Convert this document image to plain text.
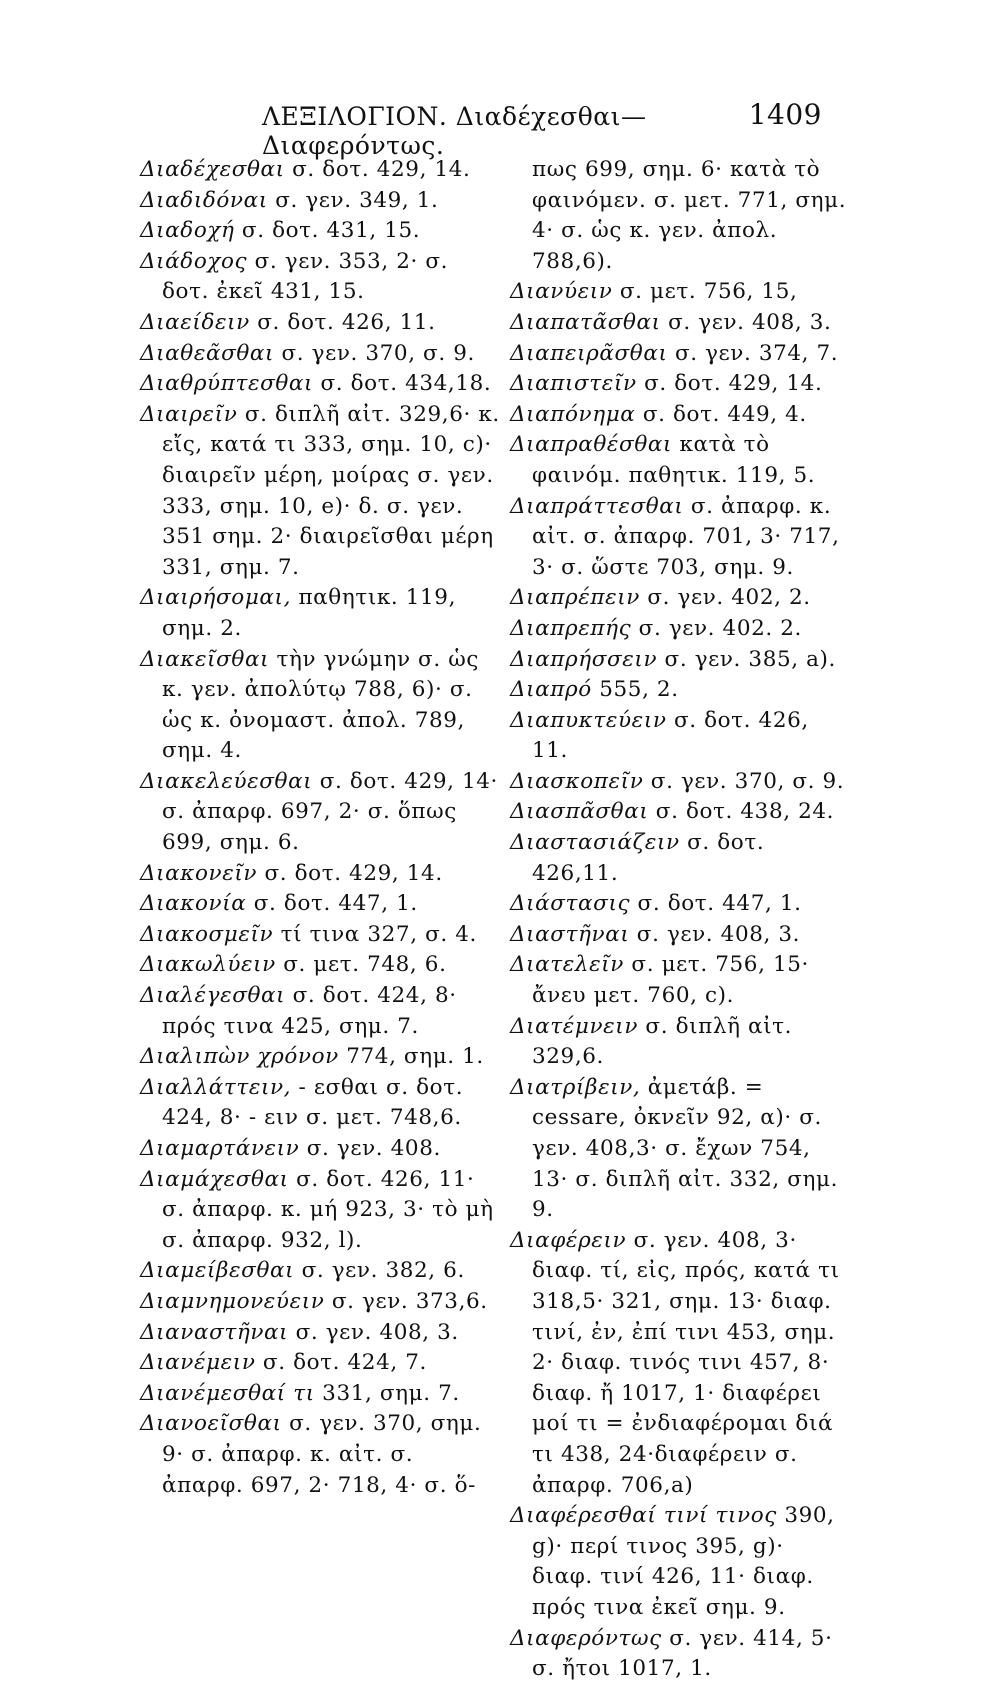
ΛΕΞΙΛΟΓΙΟΝ. Διαδέχεσθαι—Διαφερόντως.
1409

Διαδέχεσθαι σ. δοτ. 429, 14.

Διαδιδόναι σ. γεν. 349, 1.

Διαδοχή σ. δοτ. 431, 15.

Διάδοχος σ. γεν. 353, 2· σ. δοτ. ἐκεῖ 431, 15.

Διαείδειν σ. δοτ. 426, 11.

Διαθεᾶσθαι σ. γεν. 370, σ. 9.

Διαθρύπτεσθαι σ. δοτ. 434,18.

Διαιρεῖν σ. διπλῆ αἰτ. 329,6· κ. εἴς, κατά τι 333, σημ. 10, c)· διαιρεῖν μέρη, μοίρας σ. γεν. 333, σημ. 10, e)· δ. σ. γεν. 351 σημ. 2· διαιρεῖσθαι μέρη 331, σημ. 7.

Διαιρήσομαι, παθητικ. 119, σημ. 2.

Διακεῖσθαι τὴν γνώμην σ. ὡς κ. γεν. ἀπολύτῳ 788, 6)· σ. ὡς κ. ὀνομαστ. ἀπολ. 789, σημ. 4.

Διακελεύεσθαι σ. δοτ. 429, 14· σ. ἀπαρφ. 697, 2· σ. ὅπως 699, σημ. 6.

Διακονεῖν σ. δοτ. 429, 14.

Διακονία σ. δοτ. 447, 1.

Διακοσμεῖν τί τινα 327, σ. 4.

Διακωλύειν σ. μετ. 748, 6.

Διαλέγεσθαι σ. δοτ. 424, 8· πρός τινα 425, σημ. 7.

Διαλιπὼν χρόνον 774, σημ. 1.

Διαλλάττειν, - εσθαι σ. δοτ. 424, 8· - ειν σ. μετ. 748,6.

Διαμαρτάνειν σ. γεν. 408.

Διαμάχεσθαι σ. δοτ. 426, 11· σ. ἀπαρφ. κ. μή 923, 3· τὸ μὴ σ. ἀπαρφ. 932, l).

Διαμείβεσθαι σ. γεν. 382, 6.

Διαμνημονεύειν σ. γεν. 373,6.

Διαναστῆναι σ. γεν. 408, 3.

Διανέμειν σ. δοτ. 424, 7.

Διανέμεσθαί τι 331, σημ. 7.

Διανοεῖσθαι σ. γεν. 370, σημ. 9· σ. ἀπαρφ. κ. αἰτ. σ. ἀπαρφ. 697, 2· 718, 4· σ. ὅ-

πως 699, σημ. 6· κατὰ τὸ φαινόμεν. σ. μετ. 771, σημ. 4· σ. ὡς κ. γεν. ἀπολ. 788,6).

Διανύειν σ. μετ. 756, 15,

Διαπατᾶσθαι σ. γεν. 408, 3.

Διαπειρᾶσθαι σ. γεν. 374, 7.

Διαπιστεῖν σ. δοτ. 429, 14.

Διαπόνημα σ. δοτ. 449, 4.

Διαπραθέσθαι κατὰ τὸ φαινόμ. παθητικ. 119, 5.

Διαπράττεσθαι σ. ἀπαρφ. κ. αἰτ. σ. ἀπαρφ. 701, 3· 717, 3· σ. ὥστε 703, σημ. 9.

Διαπρέπειν σ. γεν. 402, 2.

Διαπρεπής σ. γεν. 402. 2.

Διαπρήσσειν σ. γεν. 385, a).

Διαπρό 555, 2.

Διαπυκτεύειν σ. δοτ. 426, 11.

Διασκοπεῖν σ. γεν. 370, σ. 9.

Διασπᾶσθαι σ. δοτ. 438, 24.

Διαστασιάζειν σ. δοτ. 426,11.

Διάστασις σ. δοτ. 447, 1.

Διαστῆναι σ. γεν. 408, 3.

Διατελεῖν σ. μετ. 756, 15· ἄνευ μετ. 760, c).

Διατέμνειν σ. διπλῆ αἰτ. 329,6.

Διατρίβειν, ἀμετάβ. = cessare, ὀκνεῖν 92, α)· σ. γεν. 408,3· σ. ἔχων 754, 13· σ. διπλῆ αἰτ. 332, σημ. 9.

Διαφέρειν σ. γεν. 408, 3· διαφ. τί, εἰς, πρός, κατά τι 318,5· 321, σημ. 13· διαφ. τινί, ἐν, ἐπί τινι 453, σημ. 2· διαφ. τινός τινι 457, 8· διαφ. ἤ 1017, 1· διαφέρει μοί τι = ἐνδιαφέρομαι διά τι 438, 24·διαφέρειν σ. ἀπαρφ. 706,a)

Διαφέρεσθαί τινί τινος 390, g)· περί τινος 395, g)· διαφ. τινί 426, 11· διαφ. πρός τινα ἐκεῖ σημ. 9.

Διαφερόντως σ. γεν. 414, 5· σ. ἤτοι 1017, 1.
